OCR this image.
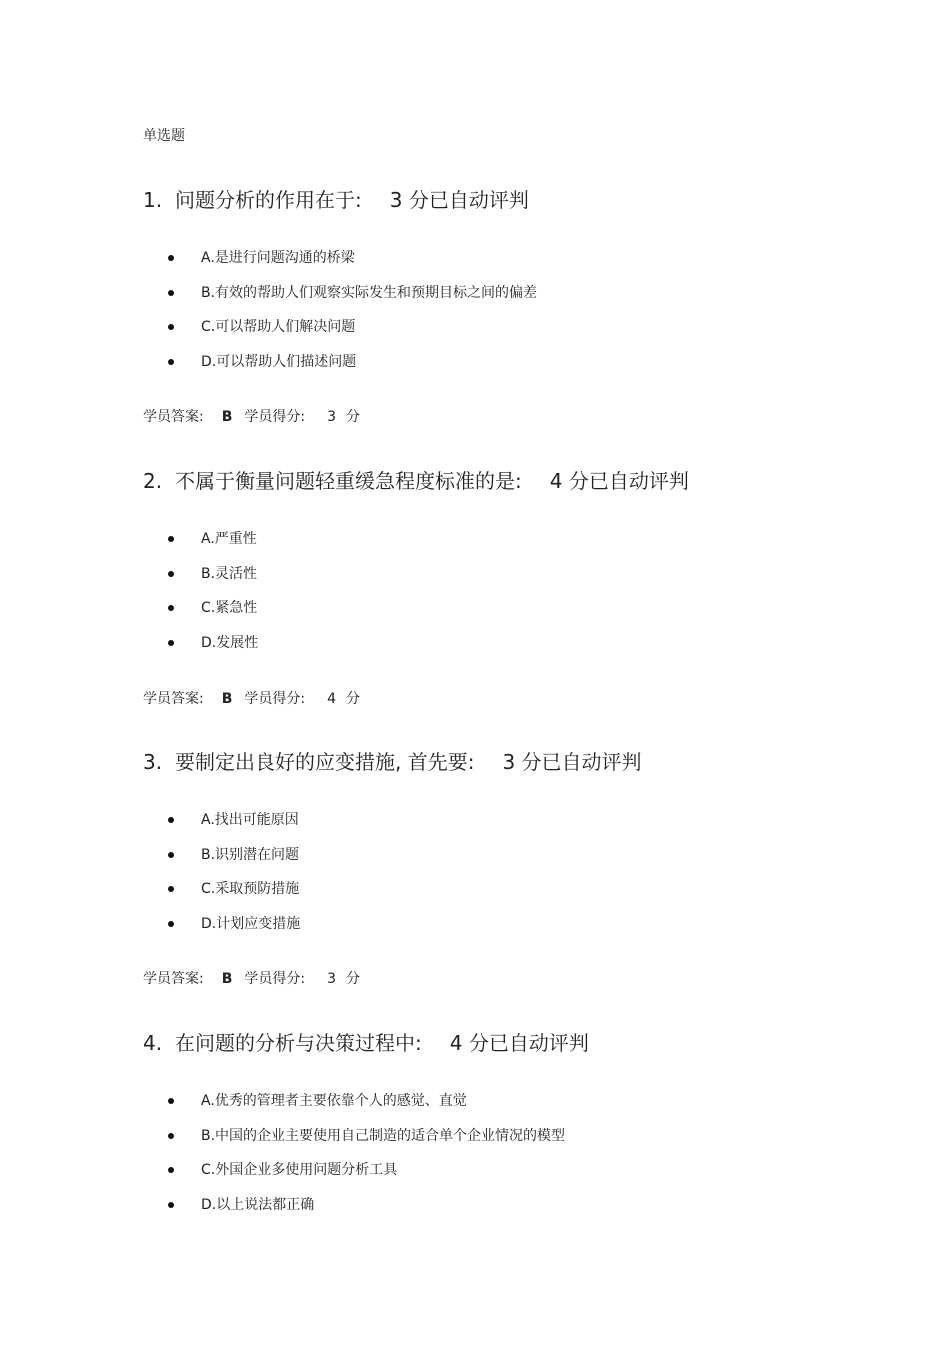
单选题
1. 问题分析的作用在于: 3 分已自动评判
A.是进行问题沟通的桥梁
B.有效的帮助人们观察实际发生和预期目标之间的偏差
C.可以帮助人们解决问题
D.可以帮助人们描述问题
学员答案: B 学员得分: 3 分
2. 不属于衡量问题轻重缓急程度标准的是: 4 分已自动评判
A.严重性
B.灵活性
C.紧急性
D.发展性
学员答案: B 学员得分: 4 分
3. 要制定出良好的应变措施, 首先要: 3 分已自动评判
A.找出可能原因
B.识别潜在问题
C.采取预防措施
D.计划应变措施
学员答案: B 学员得分: 3 分
4. 在问题的分析与决策过程中: 4 分已自动评判
A.优秀的管理者主要依靠个人的感觉、直觉
B.中国的企业主要使用自己制造的适合单个企业情况的模型
C.外国企业多使用问题分析工具
D.以上说法都正确
